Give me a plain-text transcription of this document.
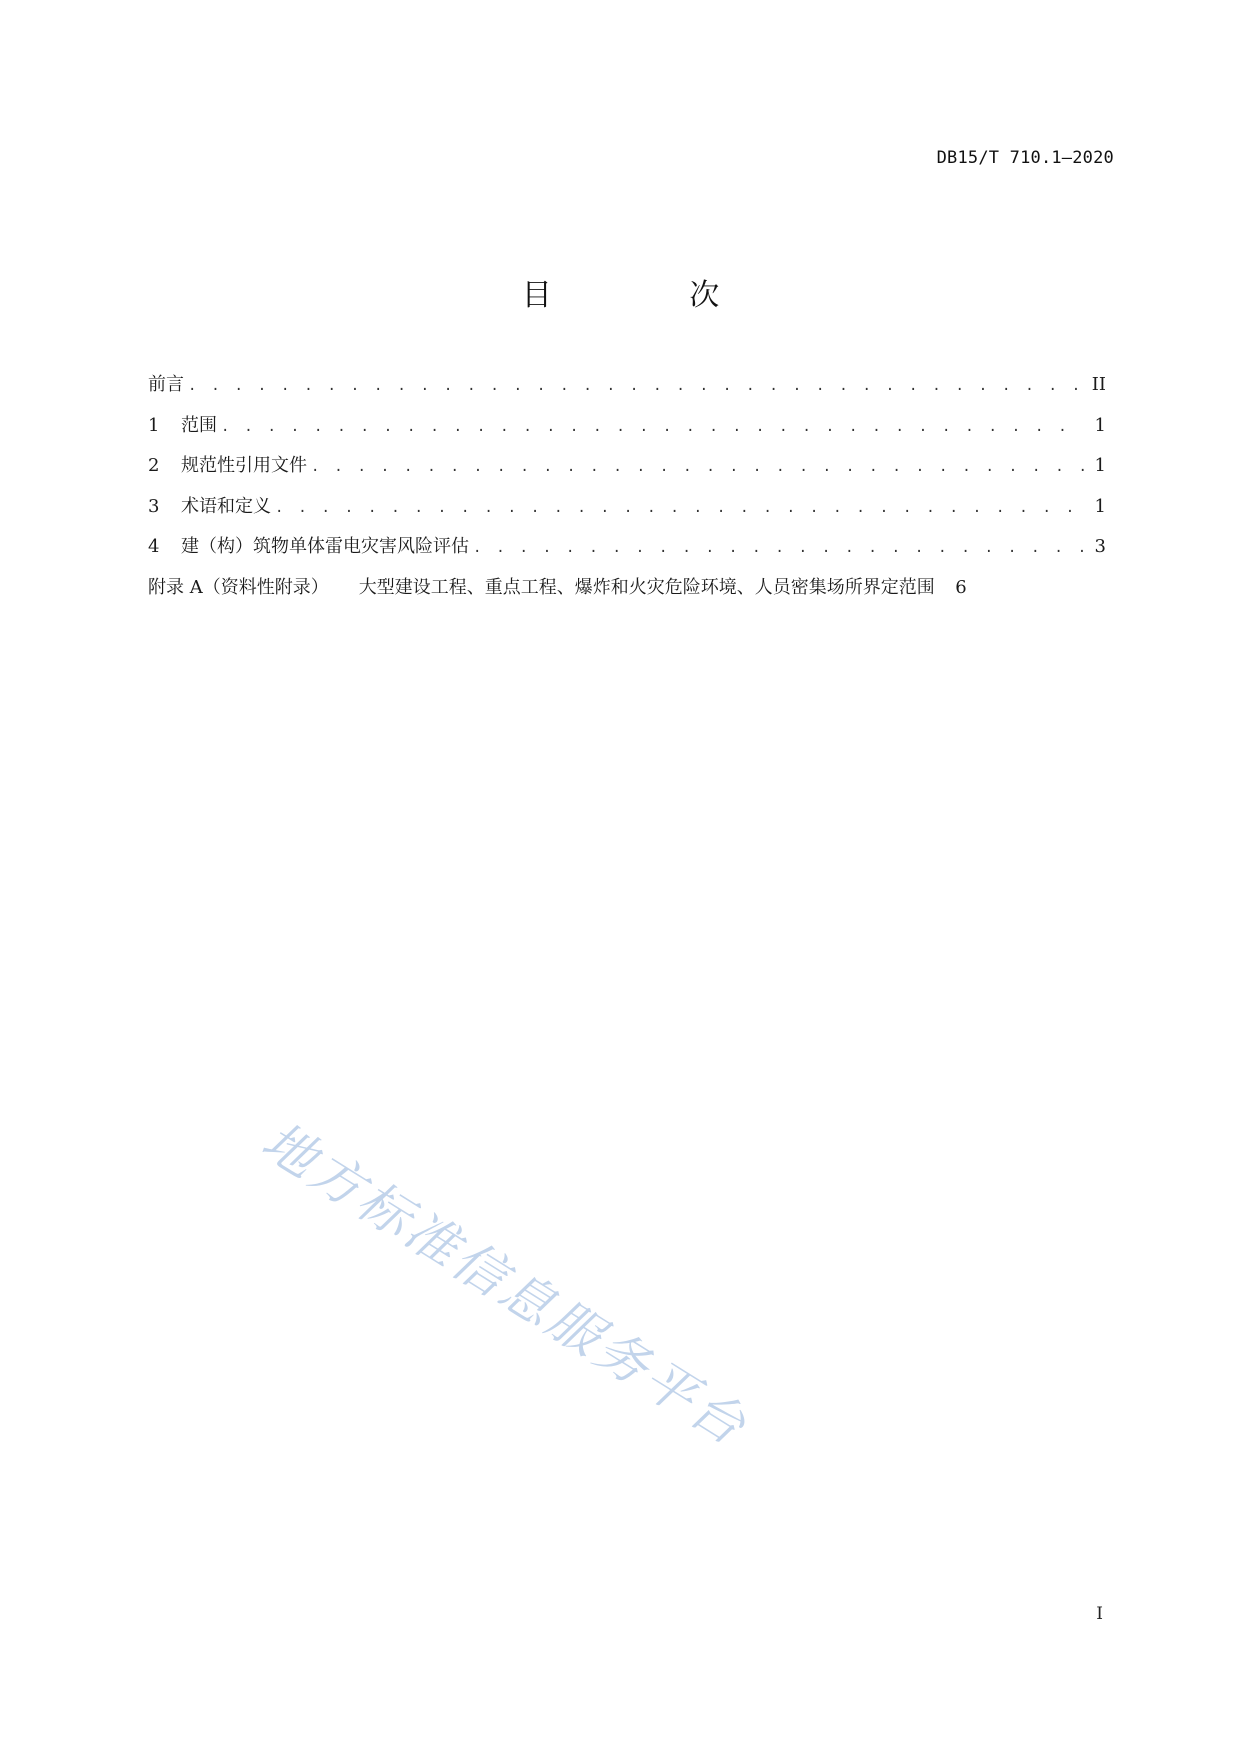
DB15/T 710.1—2020
目 次
前言 . . .	II
1	范围 . . .	1
2	规范性引用文件 . . .	1
3	术语和定义 . . .	1
4	建（构）筑物单体雷电灾害风险评估 . . .	3
附录 A（资料性附录） 大型建设工程、重点工程、爆炸和火灾危险环境、人员密集场所界定范围	6
地方标准信息服务平台
I
